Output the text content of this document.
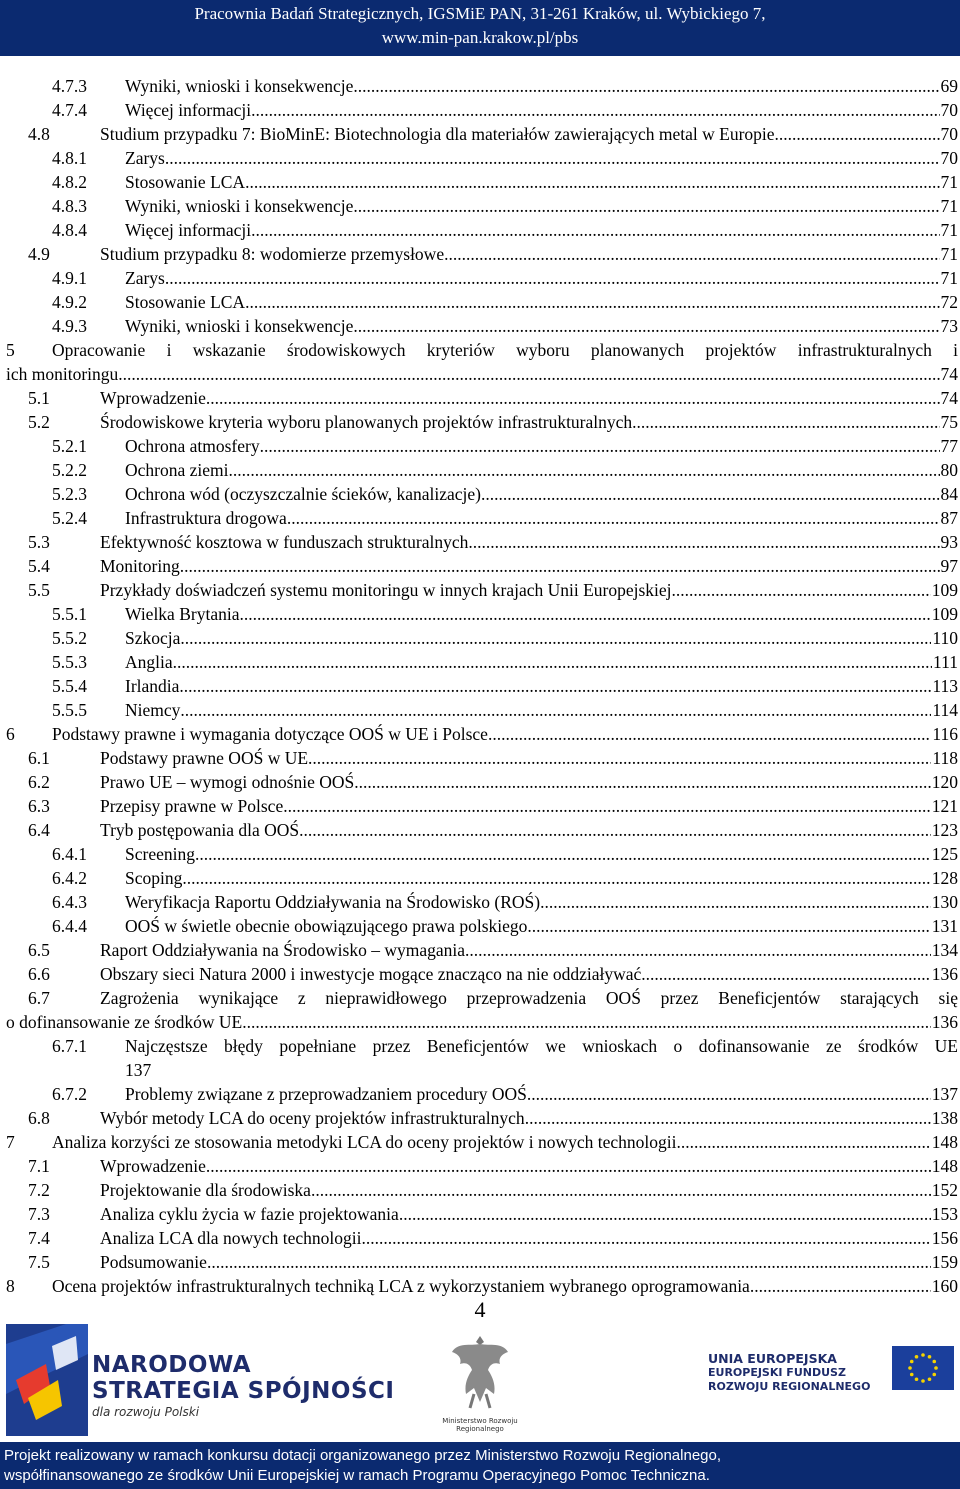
Pracownia Badań Strategicznych, IGSMiE PAN, 31-261 Kraków, ul. Wybickiego 7,
www.min-pan.krakow.pl/pbs
4.7.3 Wyniki, wnioski i konsekwencje .....	69
4.7.4 Więcej informacji .....	70
4.8	Studium przypadku 7: BioMinE: Biotechnologia dla materiałów zawierających metal w Europie .....	70
4.8.1 Zarys .....	70
4.8.2 Stosowanie LCA .....	71
4.8.3 Wyniki, wnioski i konsekwencje .....	71
4.8.4 Więcej informacji .....	71
4.9	Studium przypadku 8: wodomierze przemysłowe .....	71
4.9.1 Zarys .....	71
4.9.2 Stosowanie LCA .....	72
4.9.3 Wyniki, wnioski i konsekwencje .....	73
5 Opracowanie i wskazanie środowiskowych kryteriów wyboru planowanych projektów infrastrukturalnych i
ich monitoringu .....	74
5.1	Wprowadzenie .....	74
5.2	Środowiskowe kryteria wyboru planowanych projektów infrastrukturalnych .....	75
5.2.1 Ochrona atmosfery .....	77
5.2.2 Ochrona ziemi .....	80
5.2.3 Ochrona wód (oczyszczalnie ścieków, kanalizacje) .....	84
5.2.4 Infrastruktura drogowa .....	87
5.3	Efektywność kosztowa w funduszach strukturalnych .....	93
5.4	Monitoring .....	97
5.5	Przykłady doświadczeń systemu monitoringu w innych krajach Unii Europejskiej .....	109
5.5.1 Wielka Brytania .....	109
5.5.2 Szkocja .....	110
5.5.3 Anglia .....	111
5.5.4 Irlandia .....	113
5.5.5 Niemcy .....	114
6 Podstawy prawne i wymagania dotyczące OOŚ w UE i Polsce .....	116
6.1	Podstawy prawne OOŚ w UE .....	118
6.2	Prawo UE – wymogi odnośnie OOŚ .....	120
6.3	Przepisy prawne w Polsce .....	121
6.4	Tryb postępowania dla OOŚ .....	123
6.4.1 Screening .....	125
6.4.2 Scoping .....	128
6.4.3 Weryfikacja Raportu Oddziaływania na Środowisko (ROŚ) .....	130
6.4.4 OOŚ w świetle obecnie obowiązującego prawa polskiego .....	131
6.5	Raport Oddziaływania na Środowisko – wymagania .....	134
6.6	Obszary sieci Natura 2000 i inwestycje mogące znacząco na nie oddziaływać .....	136
6.7	Zagrożenia wynikające z nieprawidłowego przeprowadzenia OOŚ przez Beneficjentów starających się
o dofinansowanie ze środków UE .....	136
6.7.1 Najczęstsze błędy popełniane przez Beneficjentów we wnioskach o dofinansowanie ze środków UE
137
6.7.2 Problemy związane z przeprowadzaniem procedury OOŚ .....	137
6.8	Wybór metody LCA do oceny projektów infrastrukturalnych .....	138
7 Analiza korzyści ze stosowania metodyki LCA do oceny projektów i nowych technologii .....	148
7.1	Wprowadzenie .....	148
7.2	Projektowanie dla środowiska .....	152
7.3	Analiza cyklu życia w fazie projektowania .....	153
7.4	Analiza LCA dla nowych technologii .....	156
7.5	Podsumowanie .....	159
8 Ocena projektów infrastrukturalnych techniką LCA z wykorzystaniem wybranego oprogramowania .....	160
4
NARODOWA
STRATEGIA SPÓJNOŚCI
dla rozwoju Polski
Ministerstwo Rozwoju Regionalnego
UNIA EUROPEJSKA
EUROPEJSKI FUNDUSZ
ROZWOJU REGIONALNEGO
Projekt realizowany w ramach konkursu dotacji organizowanego przez Ministerstwo Rozwoju Regionalnego,
współfinansowanego ze środków Unii Europejskiej w ramach Programu Operacyjnego Pomoc Techniczna.
